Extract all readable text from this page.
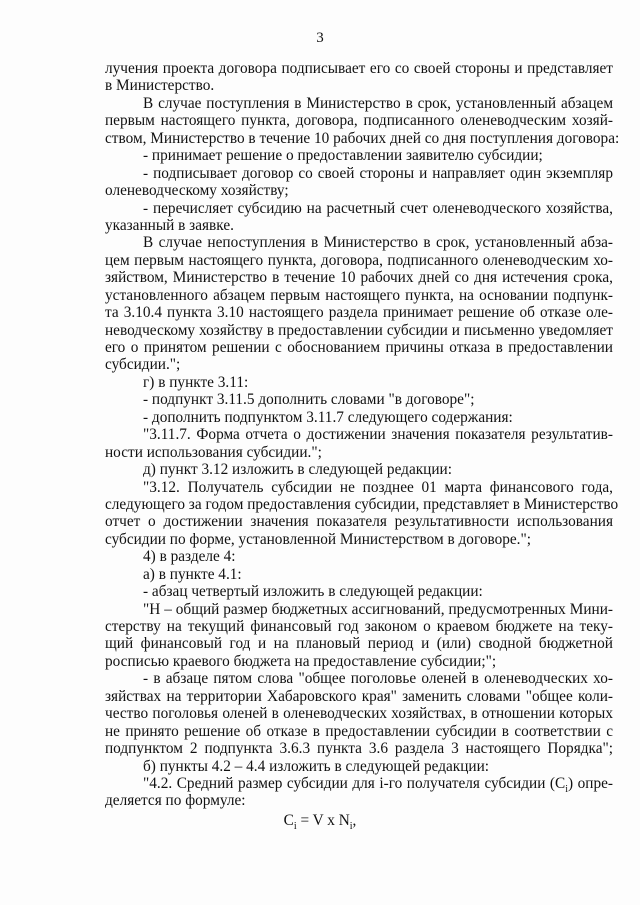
3
лучения проекта договора подписывает его со своей стороны и представляет
в Министерство.
В случае поступления в Министерство в срок, установленный абзацем
первым настоящего пункта, договора, подписанного оленеводческим хозяй-
ством, Министерство в течение 10 рабочих дней со дня поступления договора:
- принимает решение о предоставлении заявителю субсидии;
- подписывает договор со своей стороны и направляет один экземпляр
оленеводческому хозяйству;
- перечисляет субсидию на расчетный счет оленеводческого хозяйства,
указанный в заявке.
В случае непоступления в Министерство в срок, установленный абза-
цем первым настоящего пункта, договора, подписанного оленеводческим хо-
зяйством, Министерство в течение 10 рабочих дней со дня истечения срока,
установленного абзацем первым настоящего пункта, на основании подпунк-
та 3.10.4 пункта 3.10 настоящего раздела принимает решение об отказе оле-
неводческому хозяйству в предоставлении субсидии и письменно уведомляет
его о принятом решении с обоснованием причины отказа в предоставлении
субсидии.";
г) в пункте 3.11:
- подпункт 3.11.5 дополнить словами "в договоре";
- дополнить подпунктом 3.11.7 следующего содержания:
"3.11.7. Форма отчета о достижении значения показателя результатив-
ности использования субсидии.";
д) пункт 3.12 изложить в следующей редакции:
"3.12. Получатель субсидии не позднее 01 марта финансового года,
следующего за годом предоставления субсидии, представляет в Министерство
отчет о достижении значения показателя результативности использования
субсидии по форме, установленной Министерством в договоре.";
4) в разделе 4:
а) в пункте 4.1:
- абзац четвертый изложить в следующей редакции:
"Н – общий размер бюджетных ассигнований, предусмотренных Мини-
стерству на текущий финансовый год законом о краевом бюджете на теку-
щий финансовый год и на плановый период и (или) сводной бюджетной
росписью краевого бюджета на предоставление субсидии;";
- в абзаце пятом слова "общее поголовье оленей в оленеводческих хо-
зяйствах на территории Хабаровского края" заменить словами "общее коли-
чество поголовья оленей в оленеводческих хозяйствах, в отношении которых
не принято решение об отказе в предоставлении субсидии в соответствии с
подпунктом 2 подпункта 3.6.3 пункта 3.6 раздела 3 настоящего Порядка";
б) пункты 4.2 – 4.4 изложить в следующей редакции:
"4.2. Средний размер субсидии для i-го получателя субсидии $(C_i)$ опре-
деляется по формуле:
$C_i = V$ x $N_i$,
